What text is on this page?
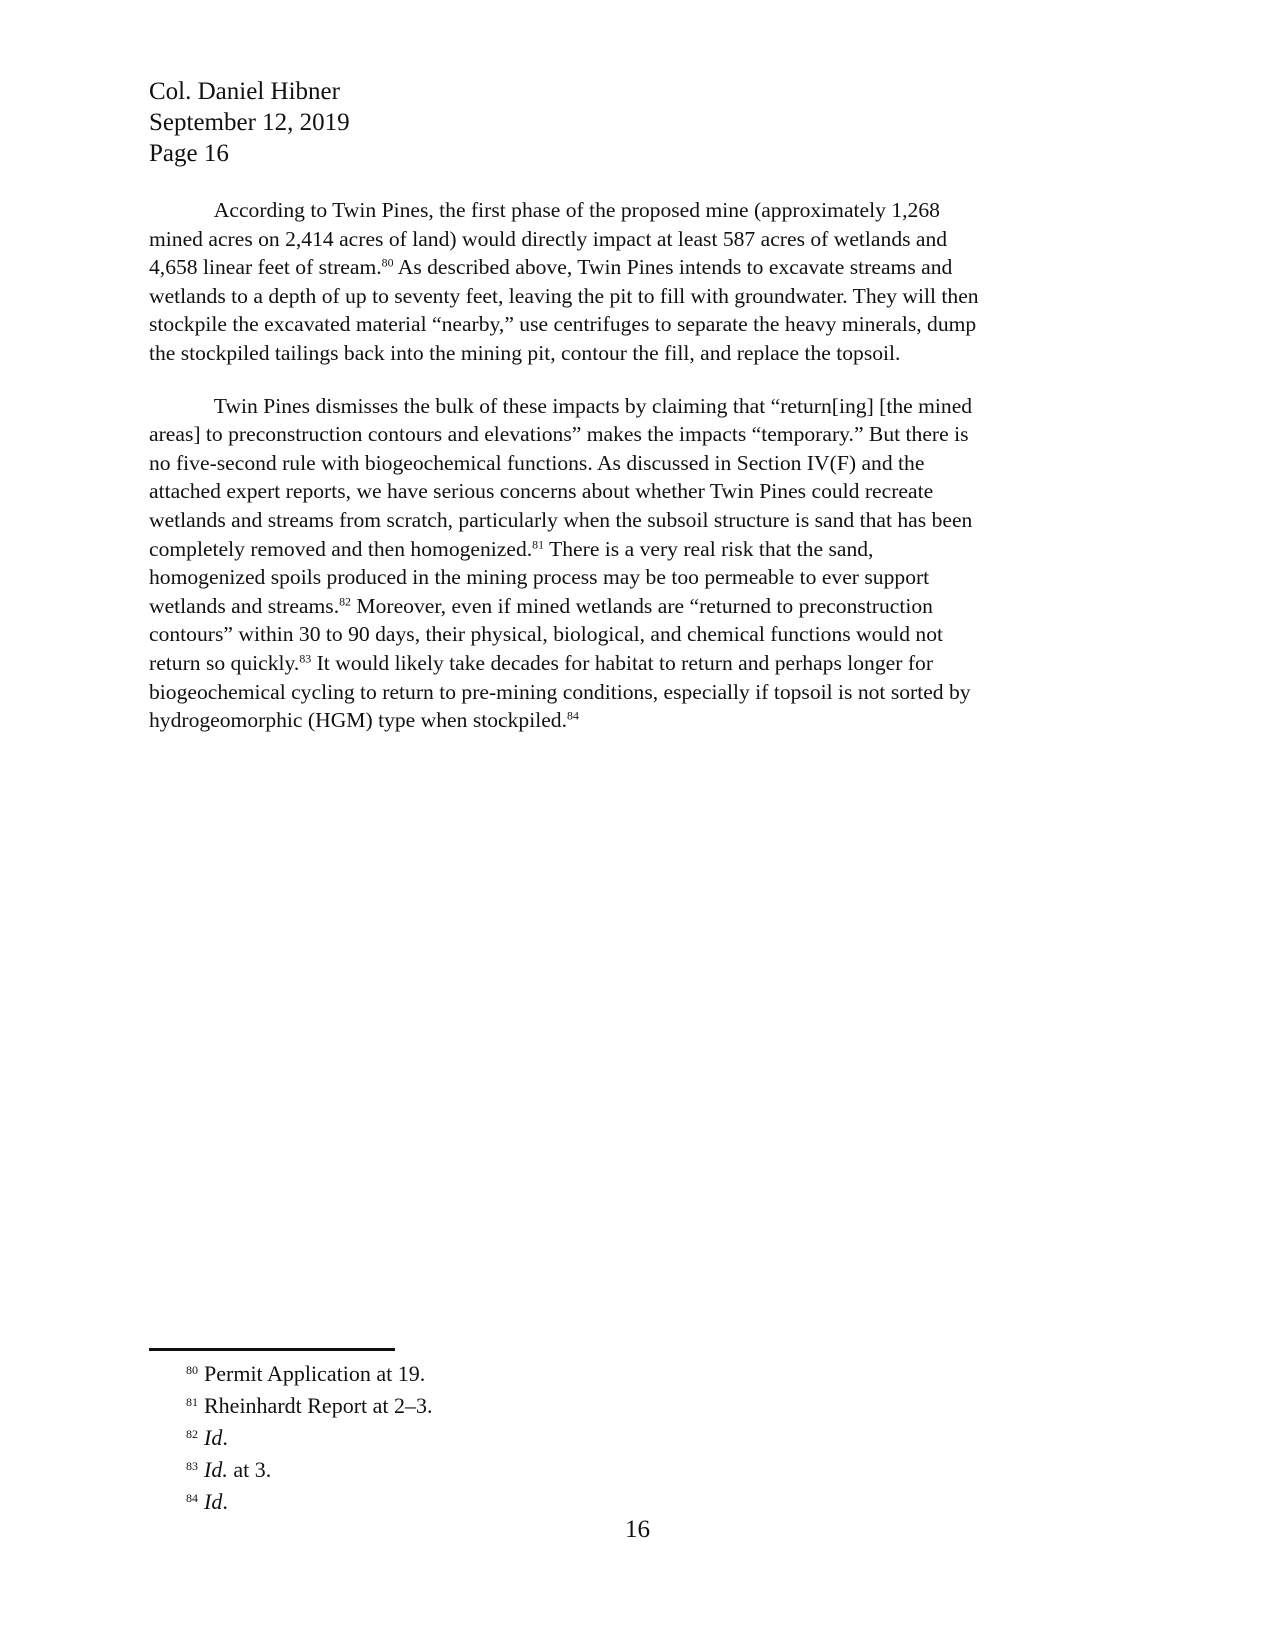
Col. Daniel Hibner
September 12, 2019
Page 16

   According to Twin Pines, the first phase of the proposed mine (approximately 1,268
mined acres on 2,414 acres of land) would directly impact at least 587 acres of wetlands and
4,658 linear feet of stream.$^{80}$ As described above, Twin Pines intends to excavate streams and
wetlands to a depth of up to seventy feet, leaving the pit to fill with groundwater. They will then
stockpile the excavated material “nearby,” use centrifuges to separate the heavy minerals, dump
the stockpiled tailings back into the mining pit, contour the fill, and replace the topsoil.

   Twin Pines dismisses the bulk of these impacts by claiming that “return[ing] [the mined
areas] to preconstruction contours and elevations” makes the impacts “temporary.” But there is
no five-second rule with biogeochemical functions. As discussed in Section IV(F) and the
attached expert reports, we have serious concerns about whether Twin Pines could recreate
wetlands and streams from scratch, particularly when the subsoil structure is sand that has been
completely removed and then homogenized.$^{81}$ There is a very real risk that the sand,
homogenized spoils produced in the mining process may be too permeable to ever support
wetlands and streams.$^{82}$ Moreover, even if mined wetlands are “returned to preconstruction
contours” within 30 to 90 days, their physical, biological, and chemical functions would not
return so quickly.$^{83}$ It would likely take decades for habitat to return and perhaps longer for
biogeochemical cycling to return to pre-mining conditions, especially if topsoil is not sorted by
hydrogeomorphic (HGM) type when stockpiled.$^{84}$

$^{80}$ Permit Application at 19.
$^{81}$ Rheinhardt Report at 2–3.
$^{82}$ Id.
$^{83}$ Id. at 3.
$^{84}$ Id.
16
